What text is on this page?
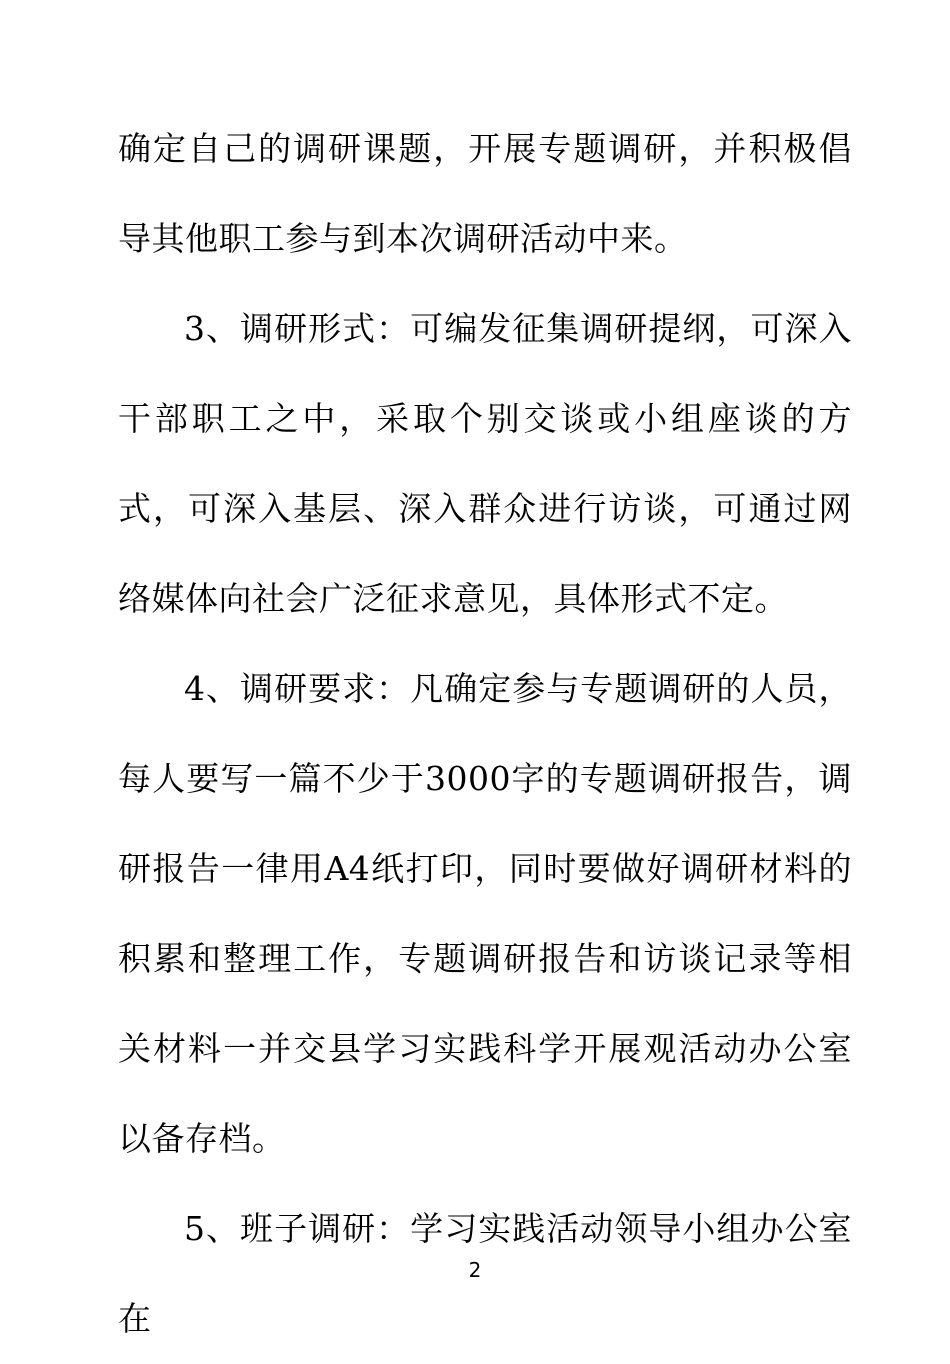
确定自己的调研课题，开展专题调研，并积极倡导其他职工参与到本次调研活动中来。

3、调研形式：可编发征集调研提纲，可深入干部职工之中，采取个别交谈或小组座谈的方式，可深入基层、深入群众进行访谈，可通过网络媒体向社会广泛征求意见，具体形式不定。

4、调研要求：凡确定参与专题调研的人员，每人要写一篇不少于3000字的专题调研报告，调研报告一律用A4纸打印，同时要做好调研材料的积累和整理工作，专题调研报告和访谈记录等相关材料一并交县学习实践科学开展观活动办公室以备存档。

5、班子调研：学习实践活动领导小组办公室在

2
